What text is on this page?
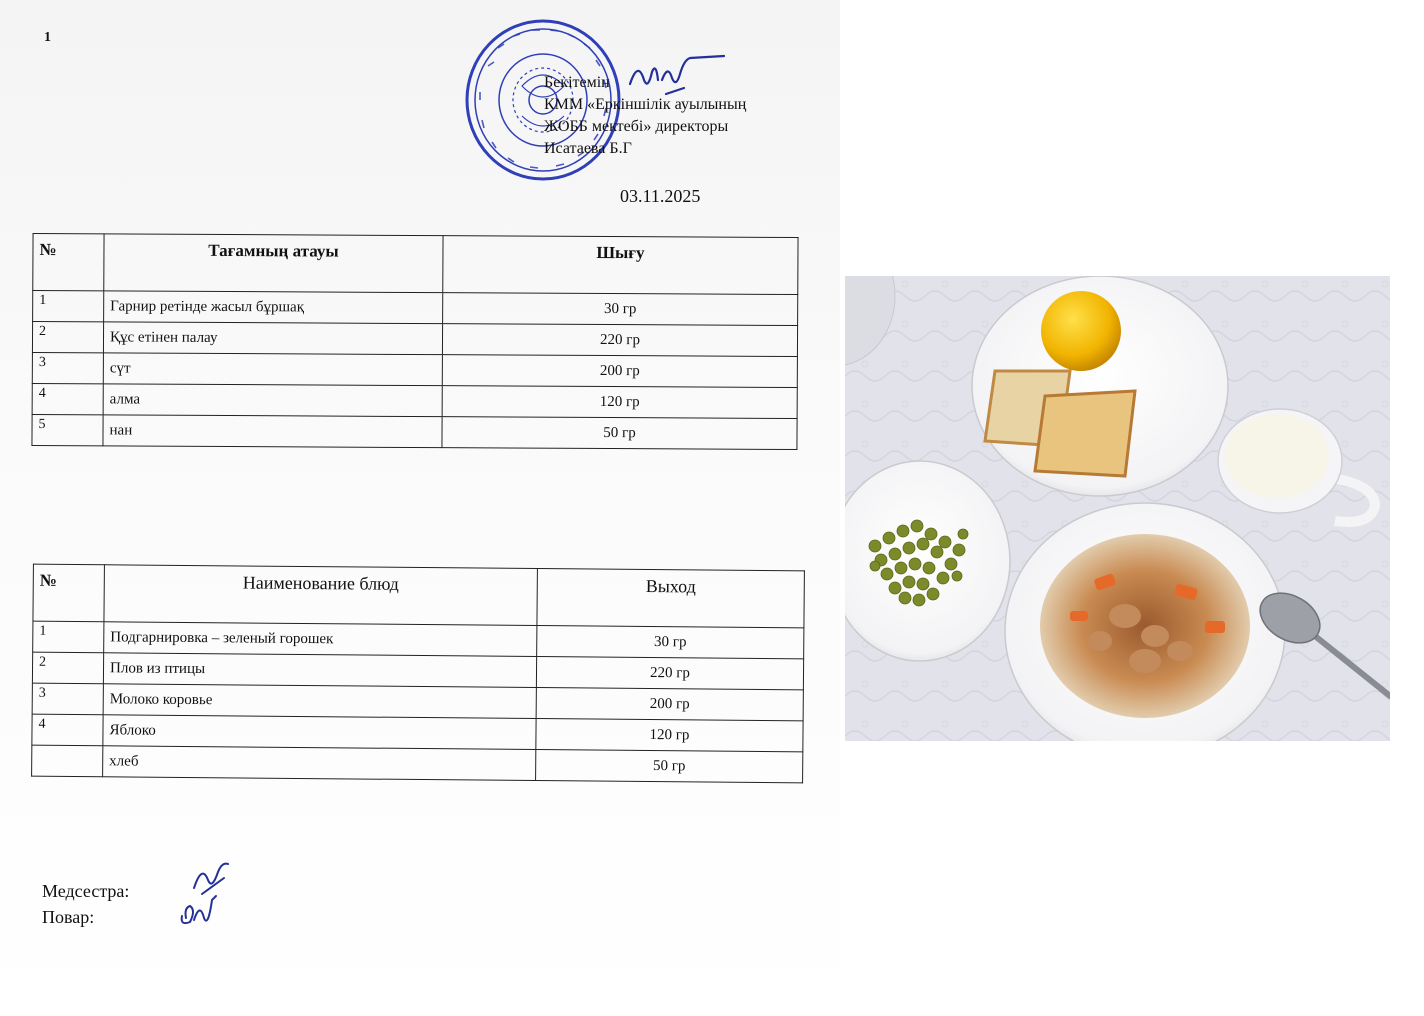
1
Бекітемін
КММ «Еркіншілік ауылының
ЖОББ мектебі» директоры
Исатаева Б.Г
03.11.2025
№	Тағамның атауы	Шығу
1	Гарнир ретінде жасыл бұршақ	30 гр
2	Құс етінен палау	220 гр
3	сүт	200 гр
4	алма	120 гр
5	нан	50 гр
№	Наименование блюд	Выход
1	Подгарнировка – зеленый горошек	30 гр
2	Плов из птицы	220 гр
3	Молоко коровье	200 гр
4	Яблоко	120 гр
	хлеб	50 гр
Медсестра:
Повар:
